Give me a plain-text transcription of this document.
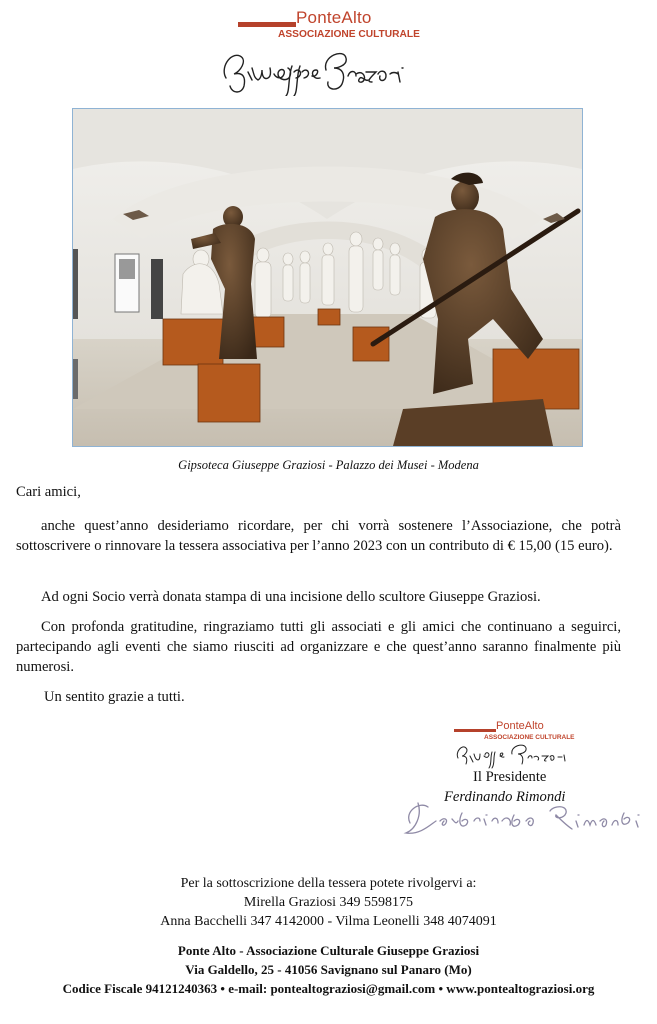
PonteAlto
ASSOCIAZIONE CULTURALE
Gipsoteca Giuseppe Graziosi - Palazzo dei Musei - Modena
Cari amici,
anche quest’anno desideriamo ricordare, per chi vorrà sostenere l’Associazione, che potrà sottoscrivere o rinnovare la tessera associativa per l’anno 2023 con un contributo di € 15,00 (15 euro).
Ad ogni Socio verrà donata stampa di una incisione dello scultore Giuseppe Graziosi.
Con profonda gratitudine, ringraziamo tutti gli associati e gli amici che continuano a seguirci, partecipando agli eventi che siamo riusciti ad organizzare e che quest’anno saranno finalmente più numerosi.
Un sentito grazie a tutti.
PonteAlto
ASSOCIAZIONE CULTURALE
Il Presidente
Ferdinando Rimondi
Per la sottoscrizione della tessera potete rivolgervi a:
Mirella Graziosi 349 5598175
Anna Bacchelli 347 4142000 - Vilma Leonelli 348 4074091
Ponte Alto - Associazione Culturale Giuseppe Graziosi
Via Galdello, 25 - 41056 Savignano sul Panaro (Mo)
Codice Fiscale 94121240363 • e-mail: pontealtograziosi@gmail.com • www.pontealtograziosi.org
